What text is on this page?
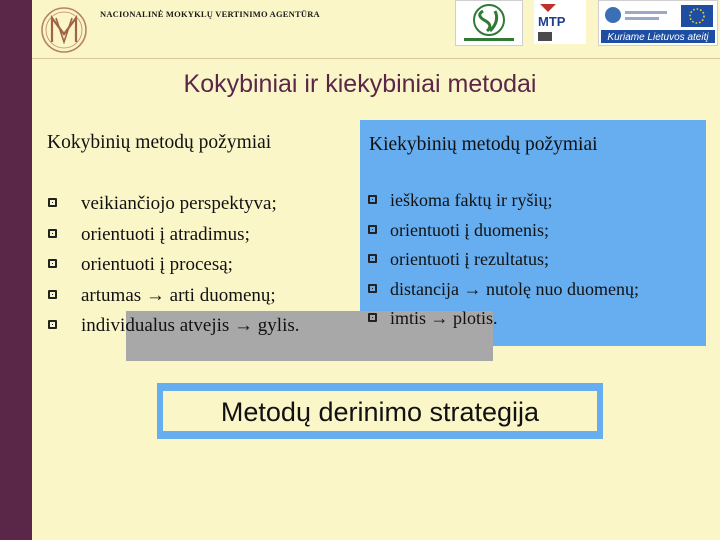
NACIONALINĖ MOKYKLŲ VERTINIMO AGENTŪRA	MTP
Kuriame Lietuvos ateitį
Kokybiniai ir kiekybiniai metodai
Kokybinių metodų požymiai	Kiekybinių metodų požymiai
veikiančiojo perspektyva;
orientuoti į atradimus;
orientuoti į procesą;
artumas → arti duomenų;
individualus atvejis → gylis.
ieškoma faktų ir ryšių;
orientuoti į duomenis;
orientuoti į rezultatus;
distancija → nutolę nuo duomenų;
imtis → plotis.
Metodų derinimo strategija
